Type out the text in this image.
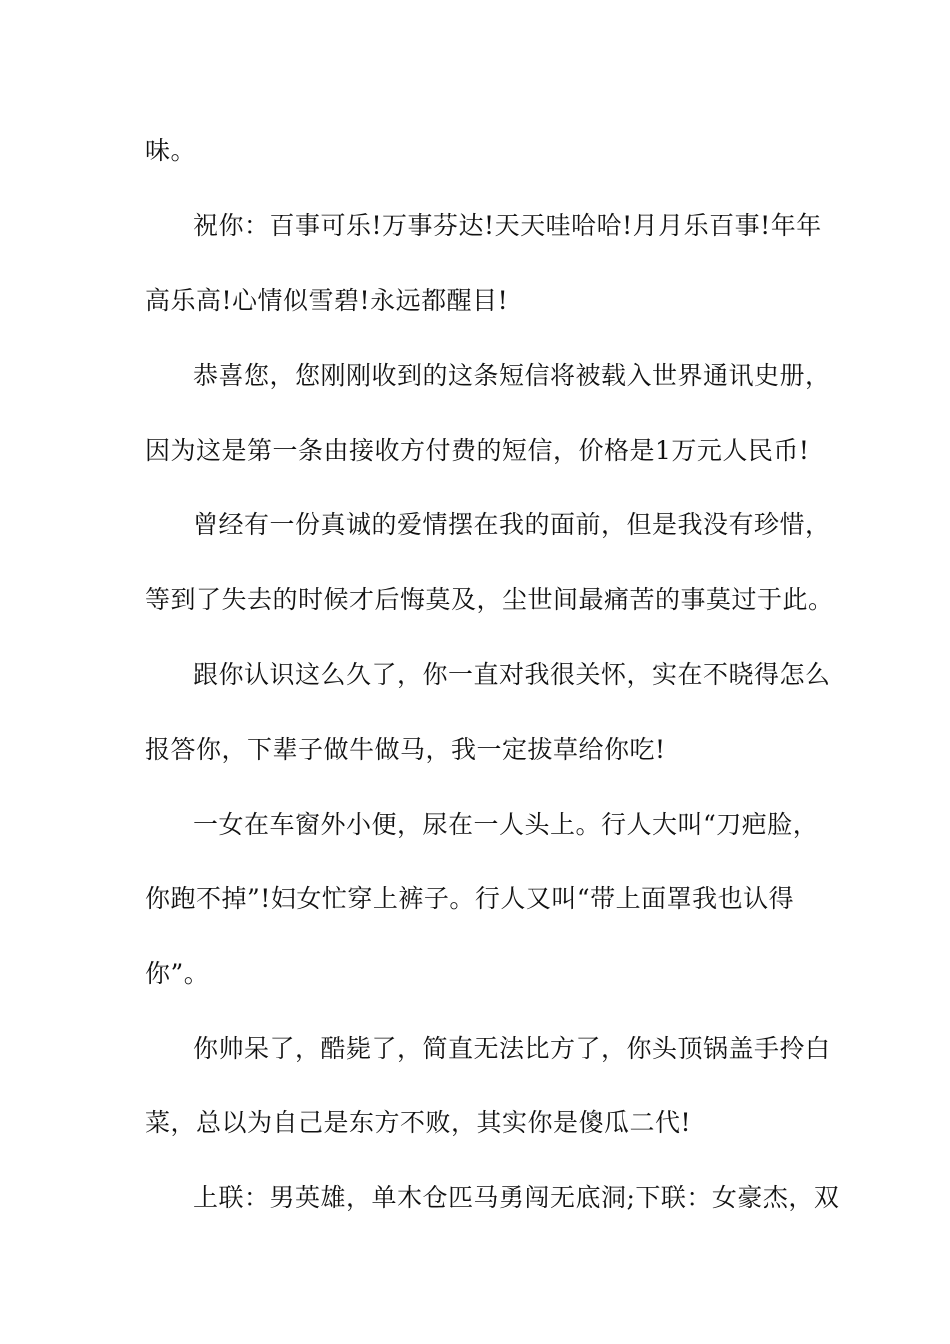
味。
祝你：百事可乐!万事芬达!天天哇哈哈!月月乐百事!年年
高乐高!心情似雪碧!永远都醒目!
恭喜您，您刚刚收到的这条短信将被载入世界通讯史册，
因为这是第一条由接收方付费的短信，价格是1万元人民币!
曾经有一份真诚的爱情摆在我的面前，但是我没有珍惜，
等到了失去的时候才后悔莫及，尘世间最痛苦的事莫过于此。
跟你认识这么久了，你一直对我很关怀，实在不晓得怎么
报答你，下辈子做牛做马，我一定拔草给你吃!
一女在车窗外小便，尿在一人头上。行人大叫“刀疤脸，
你跑不掉”!妇女忙穿上裤子。行人又叫“带上面罩我也认得
你”。
你帅呆了，酷毙了，简直无法比方了，你头顶锅盖手拎白
菜，总以为自己是东方不败，其实你是傻瓜二代!
上联：男英雄，单木仓匹马勇闯无底洞;下联：女豪杰，双
